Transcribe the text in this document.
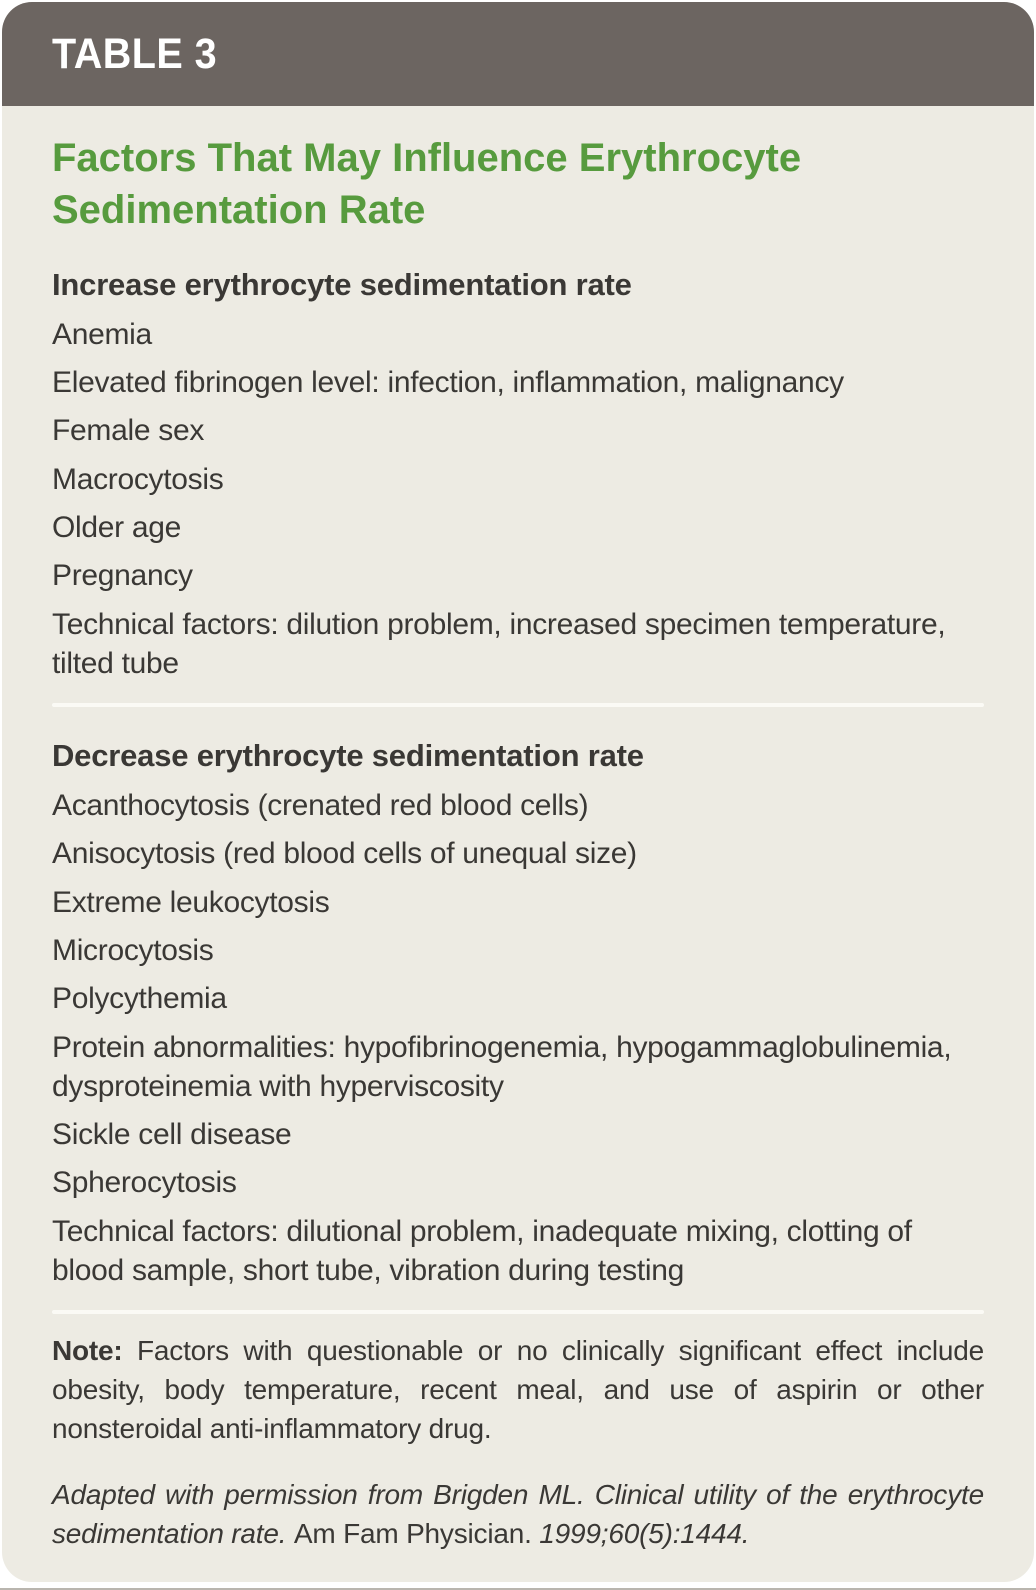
TABLE 3
Factors That May Influence Erythrocyte Sedimentation Rate
Increase erythrocyte sedimentation rate
Anemia
Elevated fibrinogen level: infection, inflammation, malignancy
Female sex
Macrocytosis
Older age
Pregnancy
Technical factors: dilution problem, increased specimen temperature, tilted tube
Decrease erythrocyte sedimentation rate
Acanthocytosis (crenated red blood cells)
Anisocytosis (red blood cells of unequal size)
Extreme leukocytosis
Microcytosis
Polycythemia
Protein abnormalities: hypofibrinogenemia, hypogammaglobulinemia, dysproteinemia with hyperviscosity
Sickle cell disease
Spherocytosis
Technical factors: dilutional problem, inadequate mixing, clotting of blood sample, short tube, vibration during testing

Note: Factors with questionable or no clinically significant effect include obesity, body temperature, recent meal, and use of aspirin or other nonsteroidal anti-inflammatory drug.

Adapted with permission from Brigden ML. Clinical utility of the erythrocyte sedimentation rate. Am Fam Physician. 1999;60(5):1444.
